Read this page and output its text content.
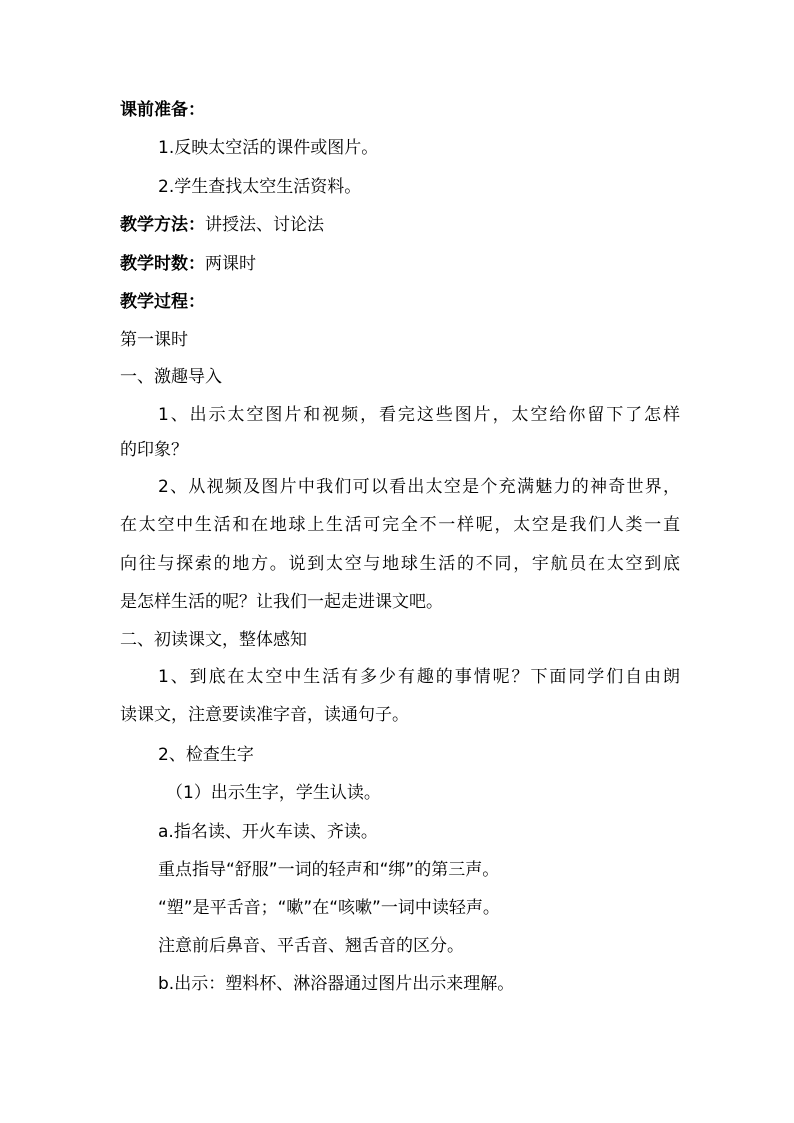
课前准备：
1.反映太空活的课件或图片。
2.学生查找太空生活资料。
教学方法：讲授法、讨论法
教学时数：两课时
教学过程：
第一课时
一、激趣导入
1、出示太空图片和视频，看完这些图片，太空给你留下了怎样
的印象？
2、从视频及图片中我们可以看出太空是个充满魅力的神奇世界，
在太空中生活和在地球上生活可完全不一样呢，太空是我们人类一直
向往与探索的地方。说到太空与地球生活的不同，宇航员在太空到底
是怎样生活的呢？让我们一起走进课文吧。
二、初读课文，整体感知
1、到底在太空中生活有多少有趣的事情呢？下面同学们自由朗
读课文，注意要读准字音，读通句子。
2、检查生字
（1）出示生字，学生认读。
a.指名读、开火车读、齐读。
重点指导“舒服”一词的轻声和“绑”的第三声。
“塑”是平舌音；“嗽”在“咳嗽”一词中读轻声。
注意前后鼻音、平舌音、翘舌音的区分。
b.出示：塑料杯、淋浴器通过图片出示来理解。
